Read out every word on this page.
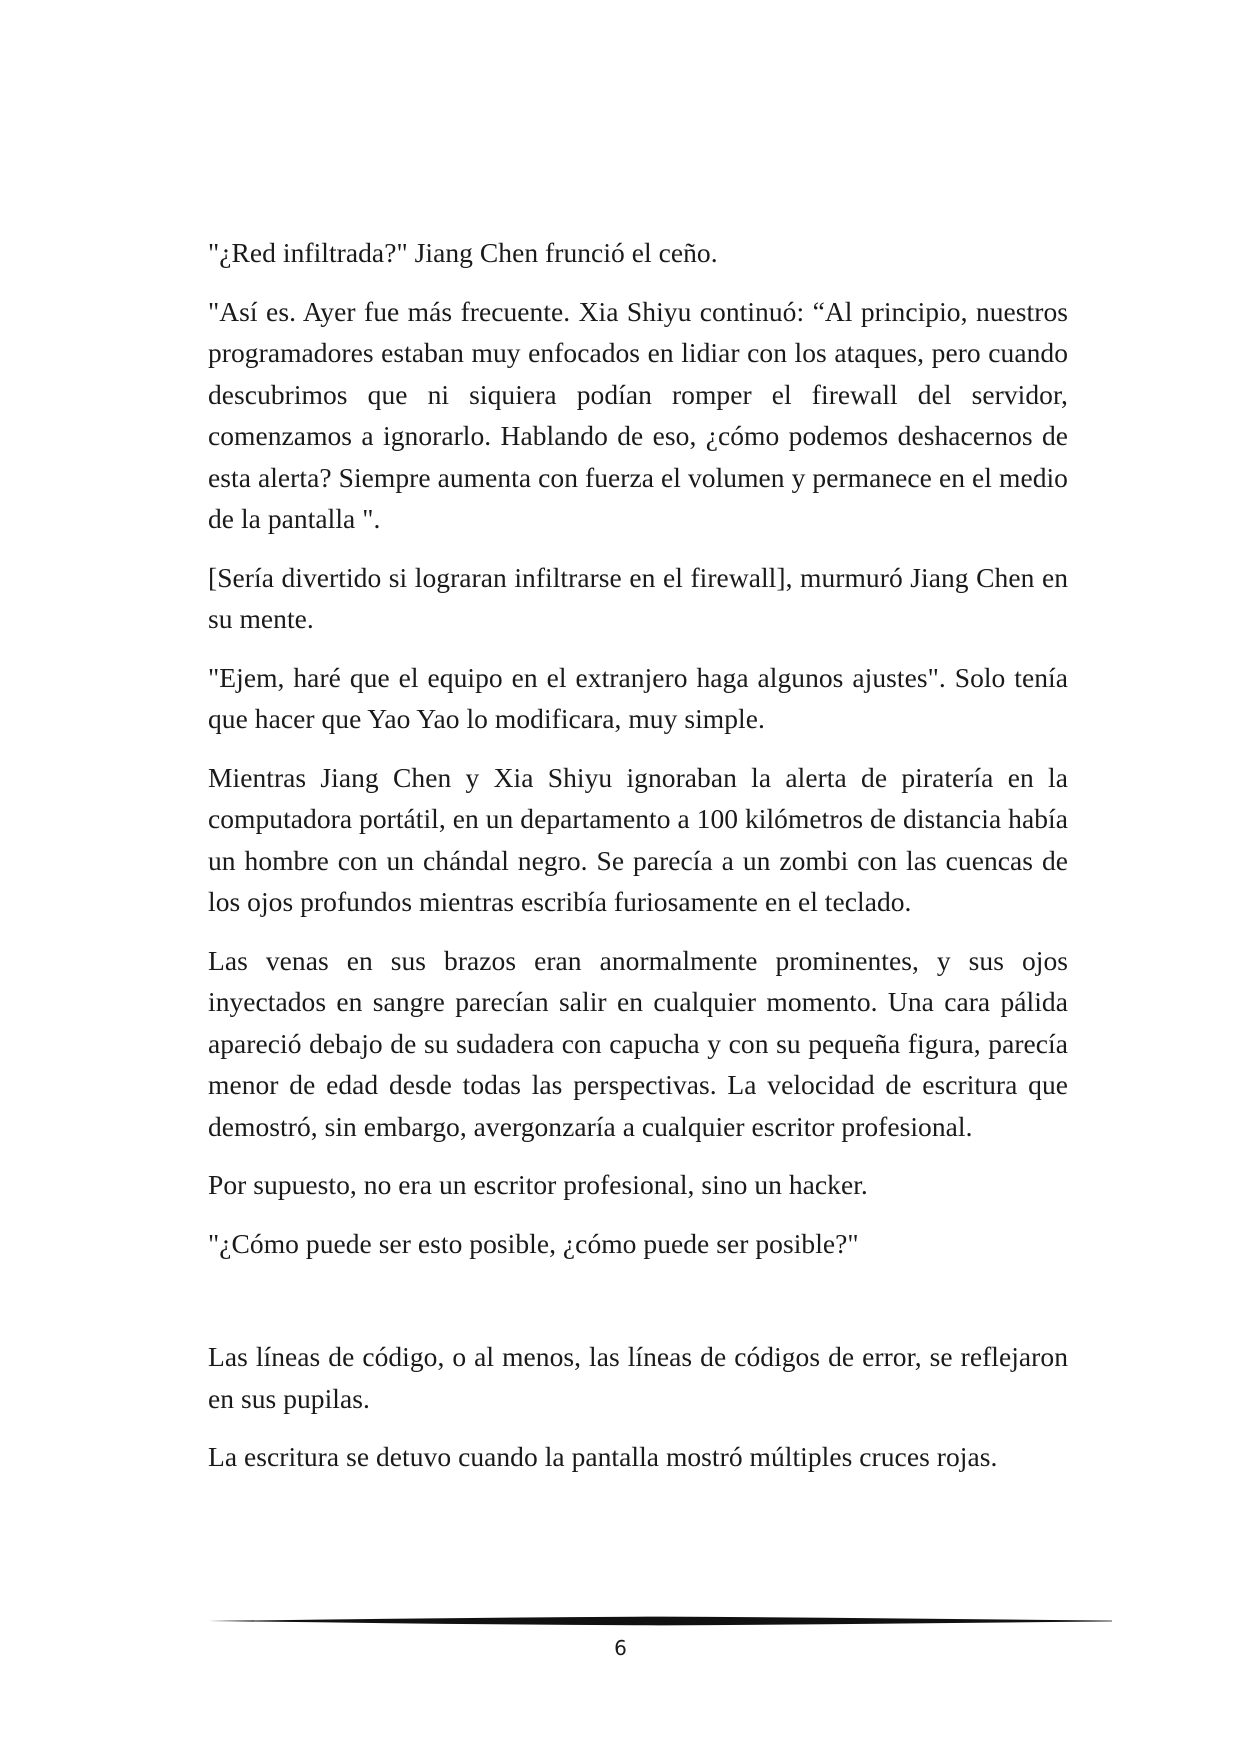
"¿Red infiltrada?" Jiang Chen frunció el ceño.

"Así es. Ayer fue más frecuente. Xia Shiyu continuó: “Al principio, nuestros programadores estaban muy enfocados en lidiar con los ataques, pero cuando descubrimos que ni siquiera podían romper el firewall del servidor, comenzamos a ignorarlo. Hablando de eso, ¿cómo podemos deshacernos de esta alerta? Siempre aumenta con fuerza el volumen y permanece en el medio de la pantalla ".

[Sería divertido si lograran infiltrarse en el firewall], murmuró Jiang Chen en su mente.

"Ejem, haré que el equipo en el extranjero haga algunos ajustes". Solo tenía que hacer que Yao Yao lo modificara, muy simple.

Mientras Jiang Chen y Xia Shiyu ignoraban la alerta de piratería en la computadora portátil, en un departamento a 100 kilómetros de distancia había un hombre con un chándal negro. Se parecía a un zombi con las cuencas de los ojos profundos mientras escribía furiosamente en el teclado.

Las venas en sus brazos eran anormalmente prominentes, y sus ojos inyectados en sangre parecían salir en cualquier momento. Una cara pálida apareció debajo de su sudadera con capucha y con su pequeña figura, parecía menor de edad desde todas las perspectivas. La velocidad de escritura que demostró, sin embargo, avergonzaría a cualquier escritor profesional.

Por supuesto, no era un escritor profesional, sino un hacker.

"¿Cómo puede ser esto posible, ¿cómo puede ser posible?"

Las líneas de código, o al menos, las líneas de códigos de error, se reflejaron en sus pupilas.

La escritura se detuvo cuando la pantalla mostró múltiples cruces rojas.

6
